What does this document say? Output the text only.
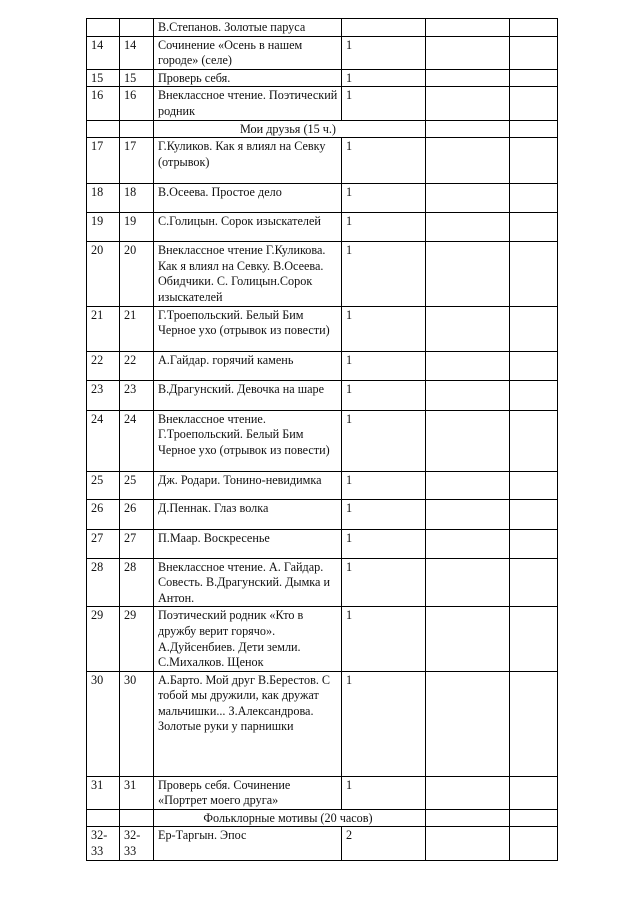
		В.Степанов. Золотые паруса			
14	14	Сочинение «Осень в нашем городе» (селе)	1		
15	15	Проверь себя.	1		
16	16	Внеклассное чтение. Поэтический родник	1		
		Мои друзья (15 ч.)			
17	17	Г.Куликов. Как я влиял на Севку (отрывок)	1		
18	18	В.Осеева. Простое дело	1		
19	19	С.Голицын. Сорок изыскателей	1		
20	20	Внеклассное чтение Г.Куликова. Как я влиял на Севку. В.Осеева. Обидчики. С. Голицын.Сорок изыскателей	1		
21	21	Г.Троепольский. Белый Бим Черное ухо (отрывок из повести)	1		
22	22	А.Гайдар. горячий камень	1		
23	23	В.Драгунский. Девочка на шаре	1		
24	24	Внеклассное чтение. Г.Троепольский. Белый Бим Черное ухо (отрывок из повести)	1		
25	25	Дж. Родари. Тонино-невидимка	1		
26	26	Д.Пеннак. Глаз волка	1		
27	27	П.Маар. Воскресенье	1		
28	28	Внеклассное чтение. А. Гайдар. Совесть. В.Драгунский. Дымка и Антон.	1		
29	29	Поэтический родник «Кто в дружбу верит горячо». А.Дуйсенбиев. Дети земли. С.Михалков. Щенок	1		
30	30	А.Барто. Мой друг В.Берестов. С тобой мы дружили, как дружат мальчишки... З.Александрова. Золотые руки у парнишки	1		
31	31	Проверь себя. Сочинение «Портрет моего друга»	1		
		Фольклорные мотивы (20 часов)			
32-33	32-33	Ер-Таргын. Эпос	2		
